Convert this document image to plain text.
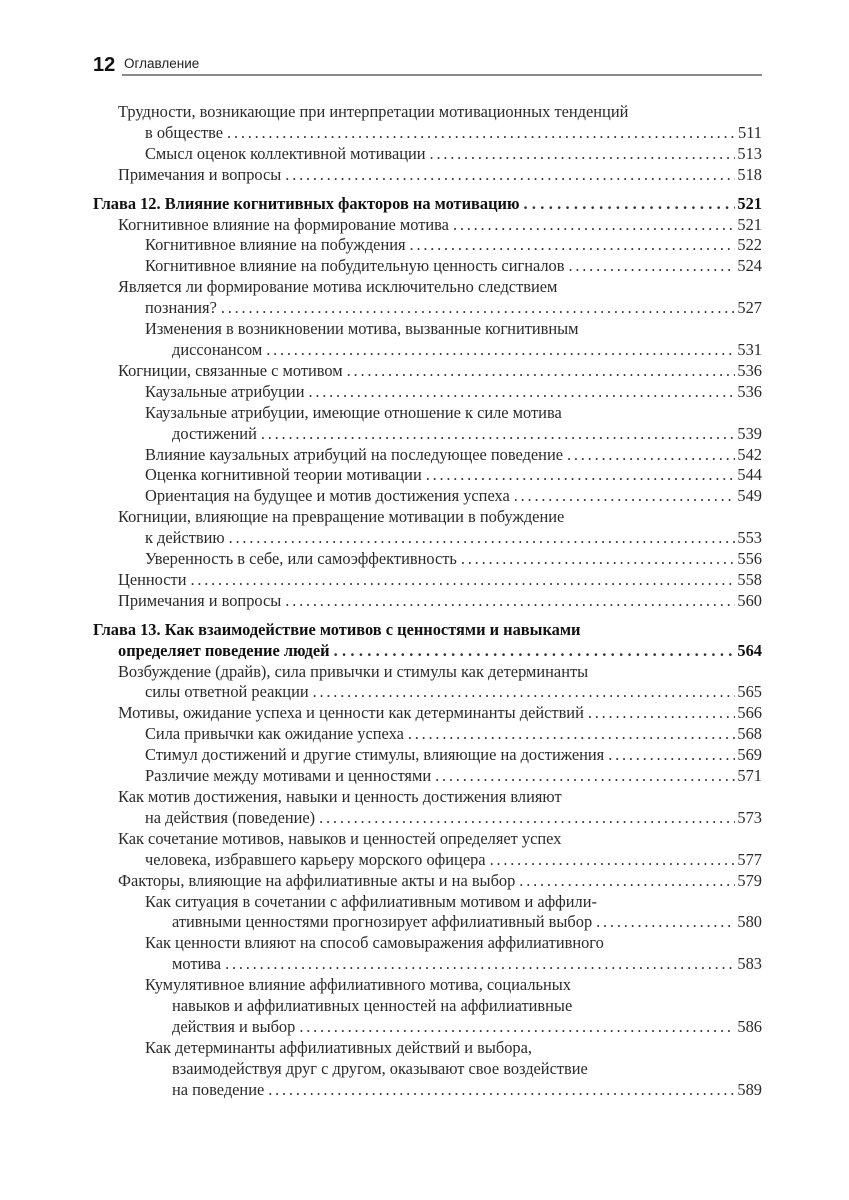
12 Оглавление
Трудности, возникающие при интерпретации мотивационных тенденций
в обществе . . .	511
Смысл оценок коллективной мотивации . . .	513
Примечания и вопросы . . .	518
Глава 12. Влияние когнитивных факторов на мотивацию . . .	521
Когнитивное влияние на формирование мотива . . .	521
Когнитивное влияние на побуждения . . .	522
Когнитивное влияние на побудительную ценность сигналов . . .	524
Является ли формирование мотива исключительно следствием
познания? . . .	527
Изменения в возникновении мотива, вызванные когнитивным
диссонансом . . .	531
Когниции, связанные с мотивом . . .	536
Каузальные атрибуции . . .	536
Каузальные атрибуции, имеющие отношение к силе мотива
достижений . . .	539
Влияние каузальных атрибуций на последующее поведение . . .	542
Оценка когнитивной теории мотивации . . .	544
Ориентация на будущее и мотив достижения успеха . . .	549
Когниции, влияющие на превращение мотивации в побуждение
к действию . . .	553
Уверенность в себе, или самоэффективность . . .	556
Ценности . . .	558
Примечания и вопросы . . .	560
Глава 13. Как взаимодействие мотивов с ценностями и навыками
определяет поведение людей . . .	564
Возбуждение (драйв), сила привычки и стимулы как детерминанты
силы ответной реакции . . .	565
Мотивы, ожидание успеха и ценности как детерминанты действий . . .	566
Сила привычки как ожидание успеха . . .	568
Стимул достижений и другие стимулы, влияющие на достижения . . .	569
Различие между мотивами и ценностями . . .	571
Как мотив достижения, навыки и ценность достижения влияют
на действия (поведение) . . .	573
Как сочетание мотивов, навыков и ценностей определяет успех
человека, избравшего карьеру морского офицера . . .	577
Факторы, влияющие на аффилиативные акты и на выбор . . .	579
Как ситуация в сочетании с аффилиативным мотивом и аффили-
ативными ценностями прогнозирует аффилиативный выбор . . .	580
Как ценности влияют на способ самовыражения аффилиативного
мотива . . .	583
Кумулятивное влияние аффилиативного мотива, социальных
навыков и аффилиативных ценностей на аффилиативные
действия и выбор . . .	586
Как детерминанты аффилиативных действий и выбора,
взаимодействуя друг с другом, оказывают свое воздействие
на поведение . . .	589
